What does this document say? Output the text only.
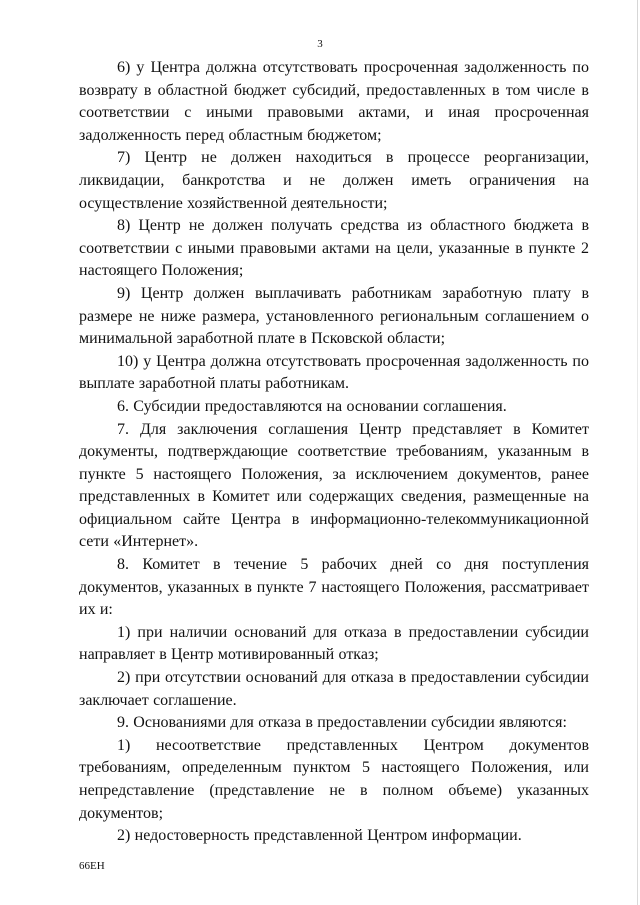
3

6) у Центра должна отсутствовать просроченная задолженность по возврату в областной бюджет субсидий, предоставленных в том числе в соответствии с иными правовыми актами, и иная просроченная задолженность перед областным бюджетом;

7) Центр не должен находиться в процессе реорганизации, ликвидации, банкротства и не должен иметь ограничения на осуществление хозяйственной деятельности;

8) Центр не должен получать средства из областного бюджета в соответствии с иными правовыми актами на цели, указанные в пункте 2 настоящего Положения;

9) Центр должен выплачивать работникам заработную плату в размере не ниже размера, установленного региональным соглашением о минимальной заработной плате в Псковской области;

10) у Центра должна отсутствовать просроченная задолженность по выплате заработной платы работникам.

6. Субсидии предоставляются на основании соглашения.

7. Для заключения соглашения Центр представляет в Комитет документы, подтверждающие соответствие требованиям, указанным в пункте 5 настоящего Положения, за исключением документов, ранее представленных в Комитет или содержащих сведения, размещенные на официальном сайте Центра в информационно-телекоммуникационной сети «Интернет».

8. Комитет в течение 5 рабочих дней со дня поступления документов, указанных в пункте 7 настоящего Положения, рассматривает их и:

1) при наличии оснований для отказа в предоставлении субсидии направляет в Центр мотивированный отказ;

2) при отсутствии оснований для отказа в предоставлении субсидии заключает соглашение.

9. Основаниями для отказа в предоставлении субсидии являются:

1) несоответствие представленных Центром документов требованиям, определенным пунктом 5 настоящего Положения, или непредставление (представление не в полном объеме) указанных документов;

2) недостоверность представленной Центром информации.

66ЕН
